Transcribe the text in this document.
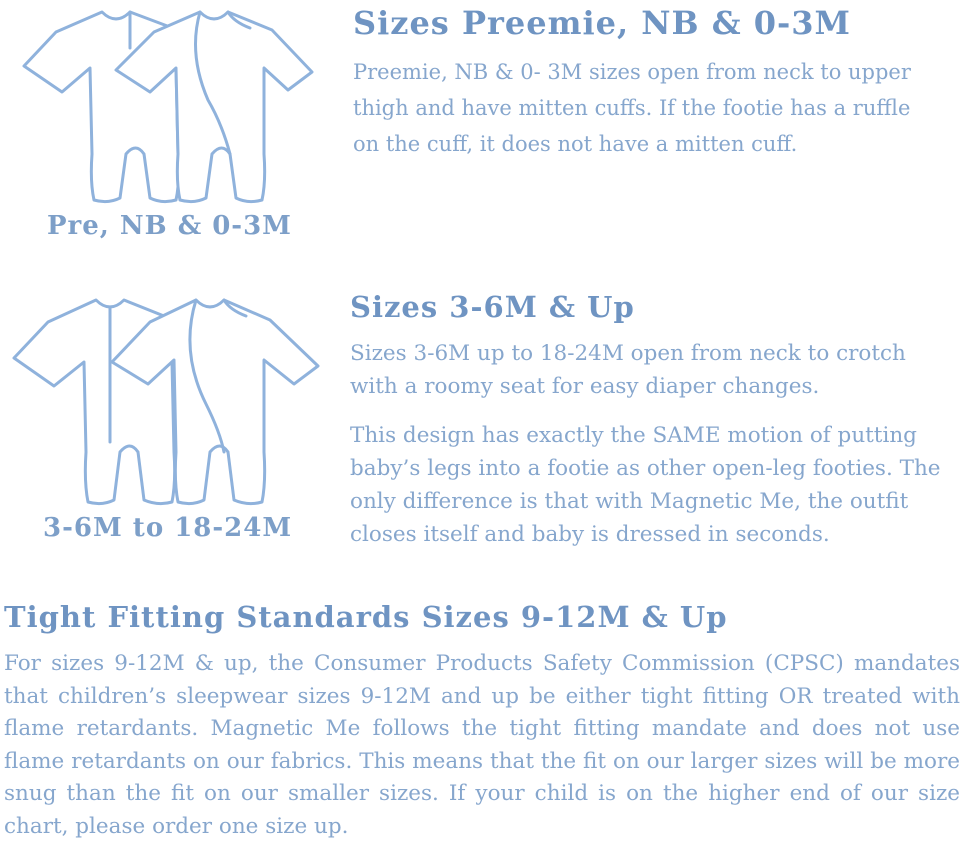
Pre, NB & 0-3M
Sizes Preemie, NB & 0-3M

Preemie, NB & 0- 3M sizes open from neck to upper thigh and have mitten cuffs. If the footie has a ruffle on the cuff, it does not have a mitten cuff.

3-6M to 18-24M
Sizes 3-6M & Up

Sizes 3-6M up to 18-24M open from neck to crotch with a roomy seat for easy diaper changes.

This design has exactly the SAME motion of putting baby’s legs into a footie as other open-leg footies. The only difference is that with Magnetic Me, the outfit closes itself and baby is dressed in seconds.

Tight Fitting Standards Sizes 9-12M & Up

For sizes 9-12M & up, the Consumer Products Safety Commission (CPSC) mandates that children’s sleepwear sizes 9-12M and up be either tight fitting OR treated with flame retardants. Magnetic Me follows the tight fitting mandate and does not use flame retardants on our fabrics. This means that the fit on our larger sizes will be more snug than the fit on our smaller sizes. If your child is on the higher end of our size chart, please order one size up.
